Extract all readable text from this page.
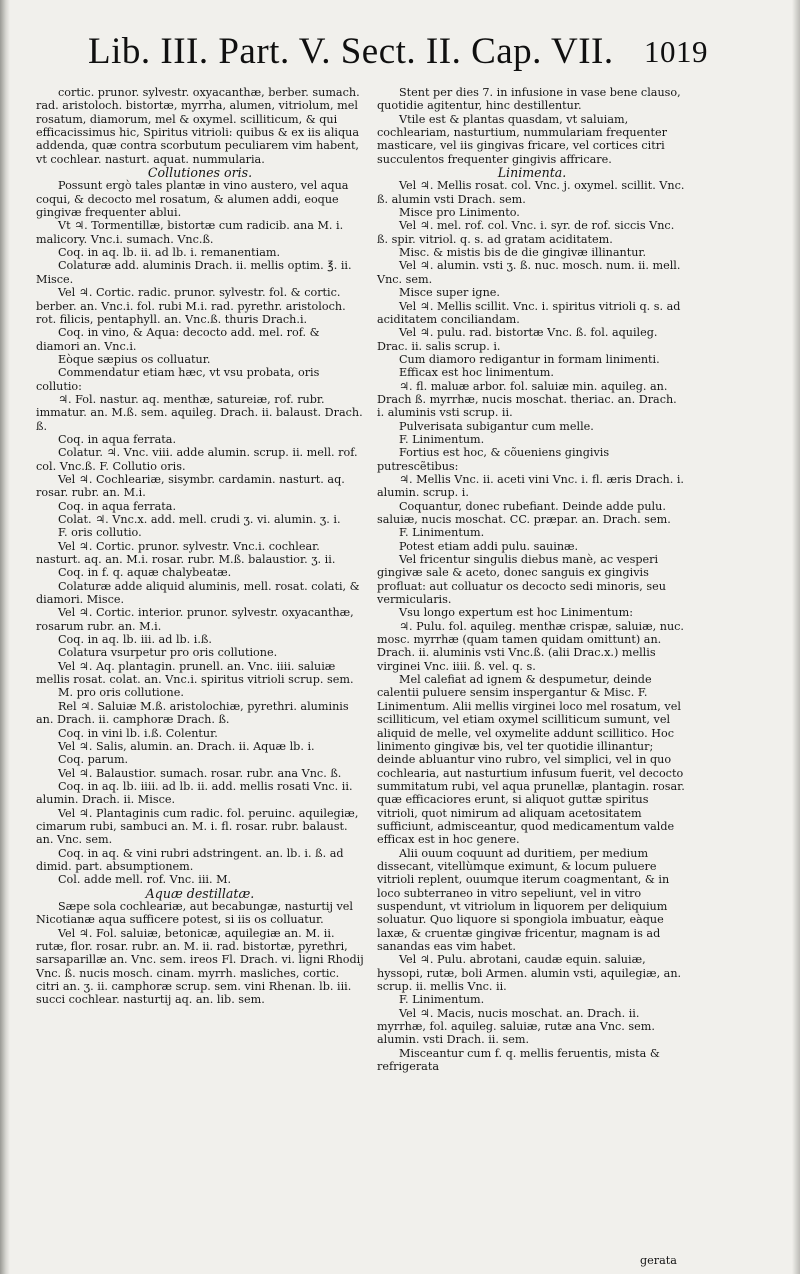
Lib. III. Part. V. Sect. II. Cap. VII. 1019
cortic. prunor. sylvestr. oxyacanthæ, berber. sumach. rad. aristoloch. bistortæ, myrrha, alumen, vitriolum, mel rosatum, diamorum, mel & oxymel. scilliticum, & qui efficacissimus hic, Spiritus vitrioli: quibus & ex iis aliqua addenda, quæ contra scorbutum peculiarem vim habent, vt cochlear. nasturt. aquat. nummularia.
Collutiones oris.
Possunt ergò tales plantæ in vino austero, vel aqua coqui, & decocto mel rosatum, & alumen addi, eoque gingivæ frequenter ablui.
Vt ♃. Tormentillæ, bistortæ cum radicib. ana M. i. malicory. Vnc.i. sumach. Vnc.ß.
Coq. in aq. lb. ii. ad lb. i. remanentiam.
Colaturæ add. aluminis Drach. ii. mellis optim. ℥. ii. Misce.
Vel ♃. Cortic. radic. prunor. sylvestr. fol. & cortic. berber. an. Vnc.i. fol. rubi M.i. rad. pyrethr. aristoloch. rot. filicis, pentaphyll. an. Vnc.ß. thuris Drach.i.
Coq. in vino, & Aqua: decocto add. mel. rof. & diamori an. Vnc.i.
Eòque sæpius os colluatur.
Commendatur etiam hæc, vt vsu probata, oris collutio:
♃. Fol. nastur. aq. menthæ, satureiæ, rof. rubr. immatur. an. M.ß. sem. aquileg. Drach. ii. balaust. Drach. ß.
Coq. in aqua ferrata.
Colatur. ♃. Vnc. viii. adde alumin. scrup. ii. mell. rof. col. Vnc.ß. F. Collutio oris.
Vel ♃. Cochleariæ, sisymbr. cardamin. nasturt. aq. rosar. rubr. an. M.i.
Coq. in aqua ferrata.
Colat. ♃. Vnc.x. add. mell. crudi ʒ. vi. alumin. ʒ. i.
F. oris collutio.
Vel ♃. Cortic. prunor. sylvestr. Vnc.i. cochlear. nasturt. aq. an. M.i. rosar. rubr. M.ß. balaustior. ʒ. ii.
Coq. in f. q. aquæ chalybeatæ.
Colaturæ adde aliquid aluminis, mell. rosat. colati, & diamori. Misce.
Vel ♃. Cortic. interior. prunor. sylvestr. oxyacanthæ, rosarum rubr. an. M.i.
Coq. in aq. lb. iii. ad lb. i.ß.
Colatura vsurpetur pro oris collutione.
Vel ♃. Aq. plantagin. prunell. an. Vnc. iiii. saluiæ mellis rosat. colat. an. Vnc.i. spiritus vitrioli scrup. sem.
M. pro oris collutione.
Rel ♃. Saluiæ M.ß. aristolochiæ, pyrethri. aluminis an. Drach. ii. camphoræ Drach. ß.
Coq. in vini lb. i.ß. Colentur.
Vel ♃. Salis, alumin. an. Drach. ii. Aquæ lb. i.
Coq. parum.
Vel ♃. Balaustior. sumach. rosar. rubr. ana Vnc. ß.
Coq. in aq. lb. iiii. ad lb. ii. add. mellis rosati Vnc. ii. alumin. Drach. ii. Misce.
Vel ♃. Plantaginis cum radic. fol. peruinc. aquilegiæ, cimarum rubi, sambuci an. M. i. fl. rosar. rubr. balaust. an. Vnc. sem.
Coq. in aq. & vini rubri adstringent. an. lb. i. ß. ad dimid. part. absumptionem.
Col. adde mell. rof. Vnc. iii. M.
Aquæ destillatæ.
Sæpe sola cochleariæ, aut becabungæ, nasturtij vel Nicotianæ aqua sufficere potest, si iis os colluatur.
Vel ♃. Fol. saluiæ, betonicæ, aquilegiæ an. M. ii. rutæ, flor. rosar. rubr. an. M. ii. rad. bistortæ, pyrethri, sarsaparillæ an. Vnc. sem. ireos Fl. Drach. vi. ligni Rhodij Vnc. ß. nucis mosch. cinam. myrrh. masliches, cortic. citri an. ʒ. ii. camphoræ scrup. sem. vini Rhenan. lb. iii. succi cochlear. nasturtij aq. an. lib. sem.
Stent per dies 7. in infusione in vase bene clauso, quotidie agitentur, hinc destillentur.
Vtile est & plantas quasdam, vt saluiam, cochleariam, nasturtium, nummulariam frequenter masticare, vel iis gingivas fricare, vel cortices citri succulentos frequenter gingivis affricare.
Linimenta.
Vel ♃. Mellis rosat. col. Vnc. j. oxymel. scillit. Vnc. ß. alumin vsti Drach. sem.
Misce pro Linimento.
Vel ♃. mel. rof. col. Vnc. i. syr. de rof. siccis Vnc. ß. spir. vitriol. q. s. ad gratam aciditatem.
Misc. & mistis bis de die gingivæ illinantur.
Vel ♃. alumin. vsti ʒ. ß. nuc. mosch. num. ii. mell. Vnc. sem.
Misce super igne.
Vel ♃. Mellis scillit. Vnc. i. spiritus vitrioli q. s. ad aciditatem conciliandam.
Vel ♃. pulu. rad. bistortæ Vnc. ß. fol. aquileg. Drac. ii. salis scrup. i.
Cum diamoro redigantur in formam linimenti.
Efficax est hoc linimentum.
♃. fl. maluæ arbor. fol. saluiæ min. aquileg. an. Drach ß. myrrhæ, nucis moschat. theriac. an. Drach. i. aluminis vsti scrup. ii.
Pulverisata subigantur cum melle.
F. Linimentum.
Fortius est hoc, & cõueniens gingivis putrescẽtibus:
♃. Mellis Vnc. ii. aceti vini Vnc. i. fl. æris Drach. i. alumin. scrup. i.
Coquantur, donec rubefiant. Deinde adde pulu. saluiæ, nucis moschat. CC. præpar. an. Drach. sem.
F. Linimentum.
Potest etiam addi pulu. sauinæ.
Vel fricentur singulis diebus manè, ac vesperi gingivæ sale & aceto, donec sanguis ex gingivis profluat: aut colluatur os decocto sedi minoris, seu vermicularis.
Vsu longo expertum est hoc Linimentum:
♃. Pulu. fol. aquileg. menthæ crispæ, saluiæ, nuc. mosc. myrrhæ (quam tamen quidam omittunt) an. Drach. ii. aluminis vsti Vnc.ß. (alii Drac.x.) mellis virginei Vnc. iiii. ß. vel. q. s.
Mel calefiat ad ignem & despumetur, deinde calentii puluere sensim inspergantur & Misc. F. Linimentum. Alii mellis virginei loco mel rosatum, vel scilliticum, vel etiam oxymel scilliticum sumunt, vel aliquid de melle, vel oxymelite addunt scillitico. Hoc linimento gingivæ bis, vel ter quotidie illinantur; deinde abluantur vino rubro, vel simplici, vel in quo cochlearia, aut nasturtium infusum fuerit, vel decocto summitatum rubi, vel aqua prunellæ, plantagin. rosar. quæ efficaciores erunt, si aliquot guttæ spiritus vitrioli, quot nimirum ad aliquam acetositatem sufficiunt, admisceantur, quod medicamentum valde efficax est in hoc genere.
Alii ouum coquunt ad duritiem, per medium dissecant, vitellùmque eximunt, & locum puluere vitrioli replent, ouumque iterum coagmentant, & in loco subterraneo in vitro sepeliunt, vel in vitro suspendunt, vt vitriolum in liquorem per deliquium soluatur. Quo liquore si spongiola imbuatur, eàque laxæ, & cruentæ gingivæ fricentur, magnam is ad sanandas eas vim habet.
Vel ♃. Pulu. abrotani, caudæ equin. saluiæ, hyssopi, rutæ, boli Armen. alumin vsti, aquilegiæ, an. scrup. ii. mellis Vnc. ii.
F. Linimentum.
Vel ♃. Macis, nucis moschat. an. Drach. ii. myrrhæ, fol. aquileg. saluiæ, rutæ ana Vnc. sem. alumin. vsti Drach. ii. sem.
Misceantur cum f. q. mellis feruentis, mista & refrigerata
gerata
